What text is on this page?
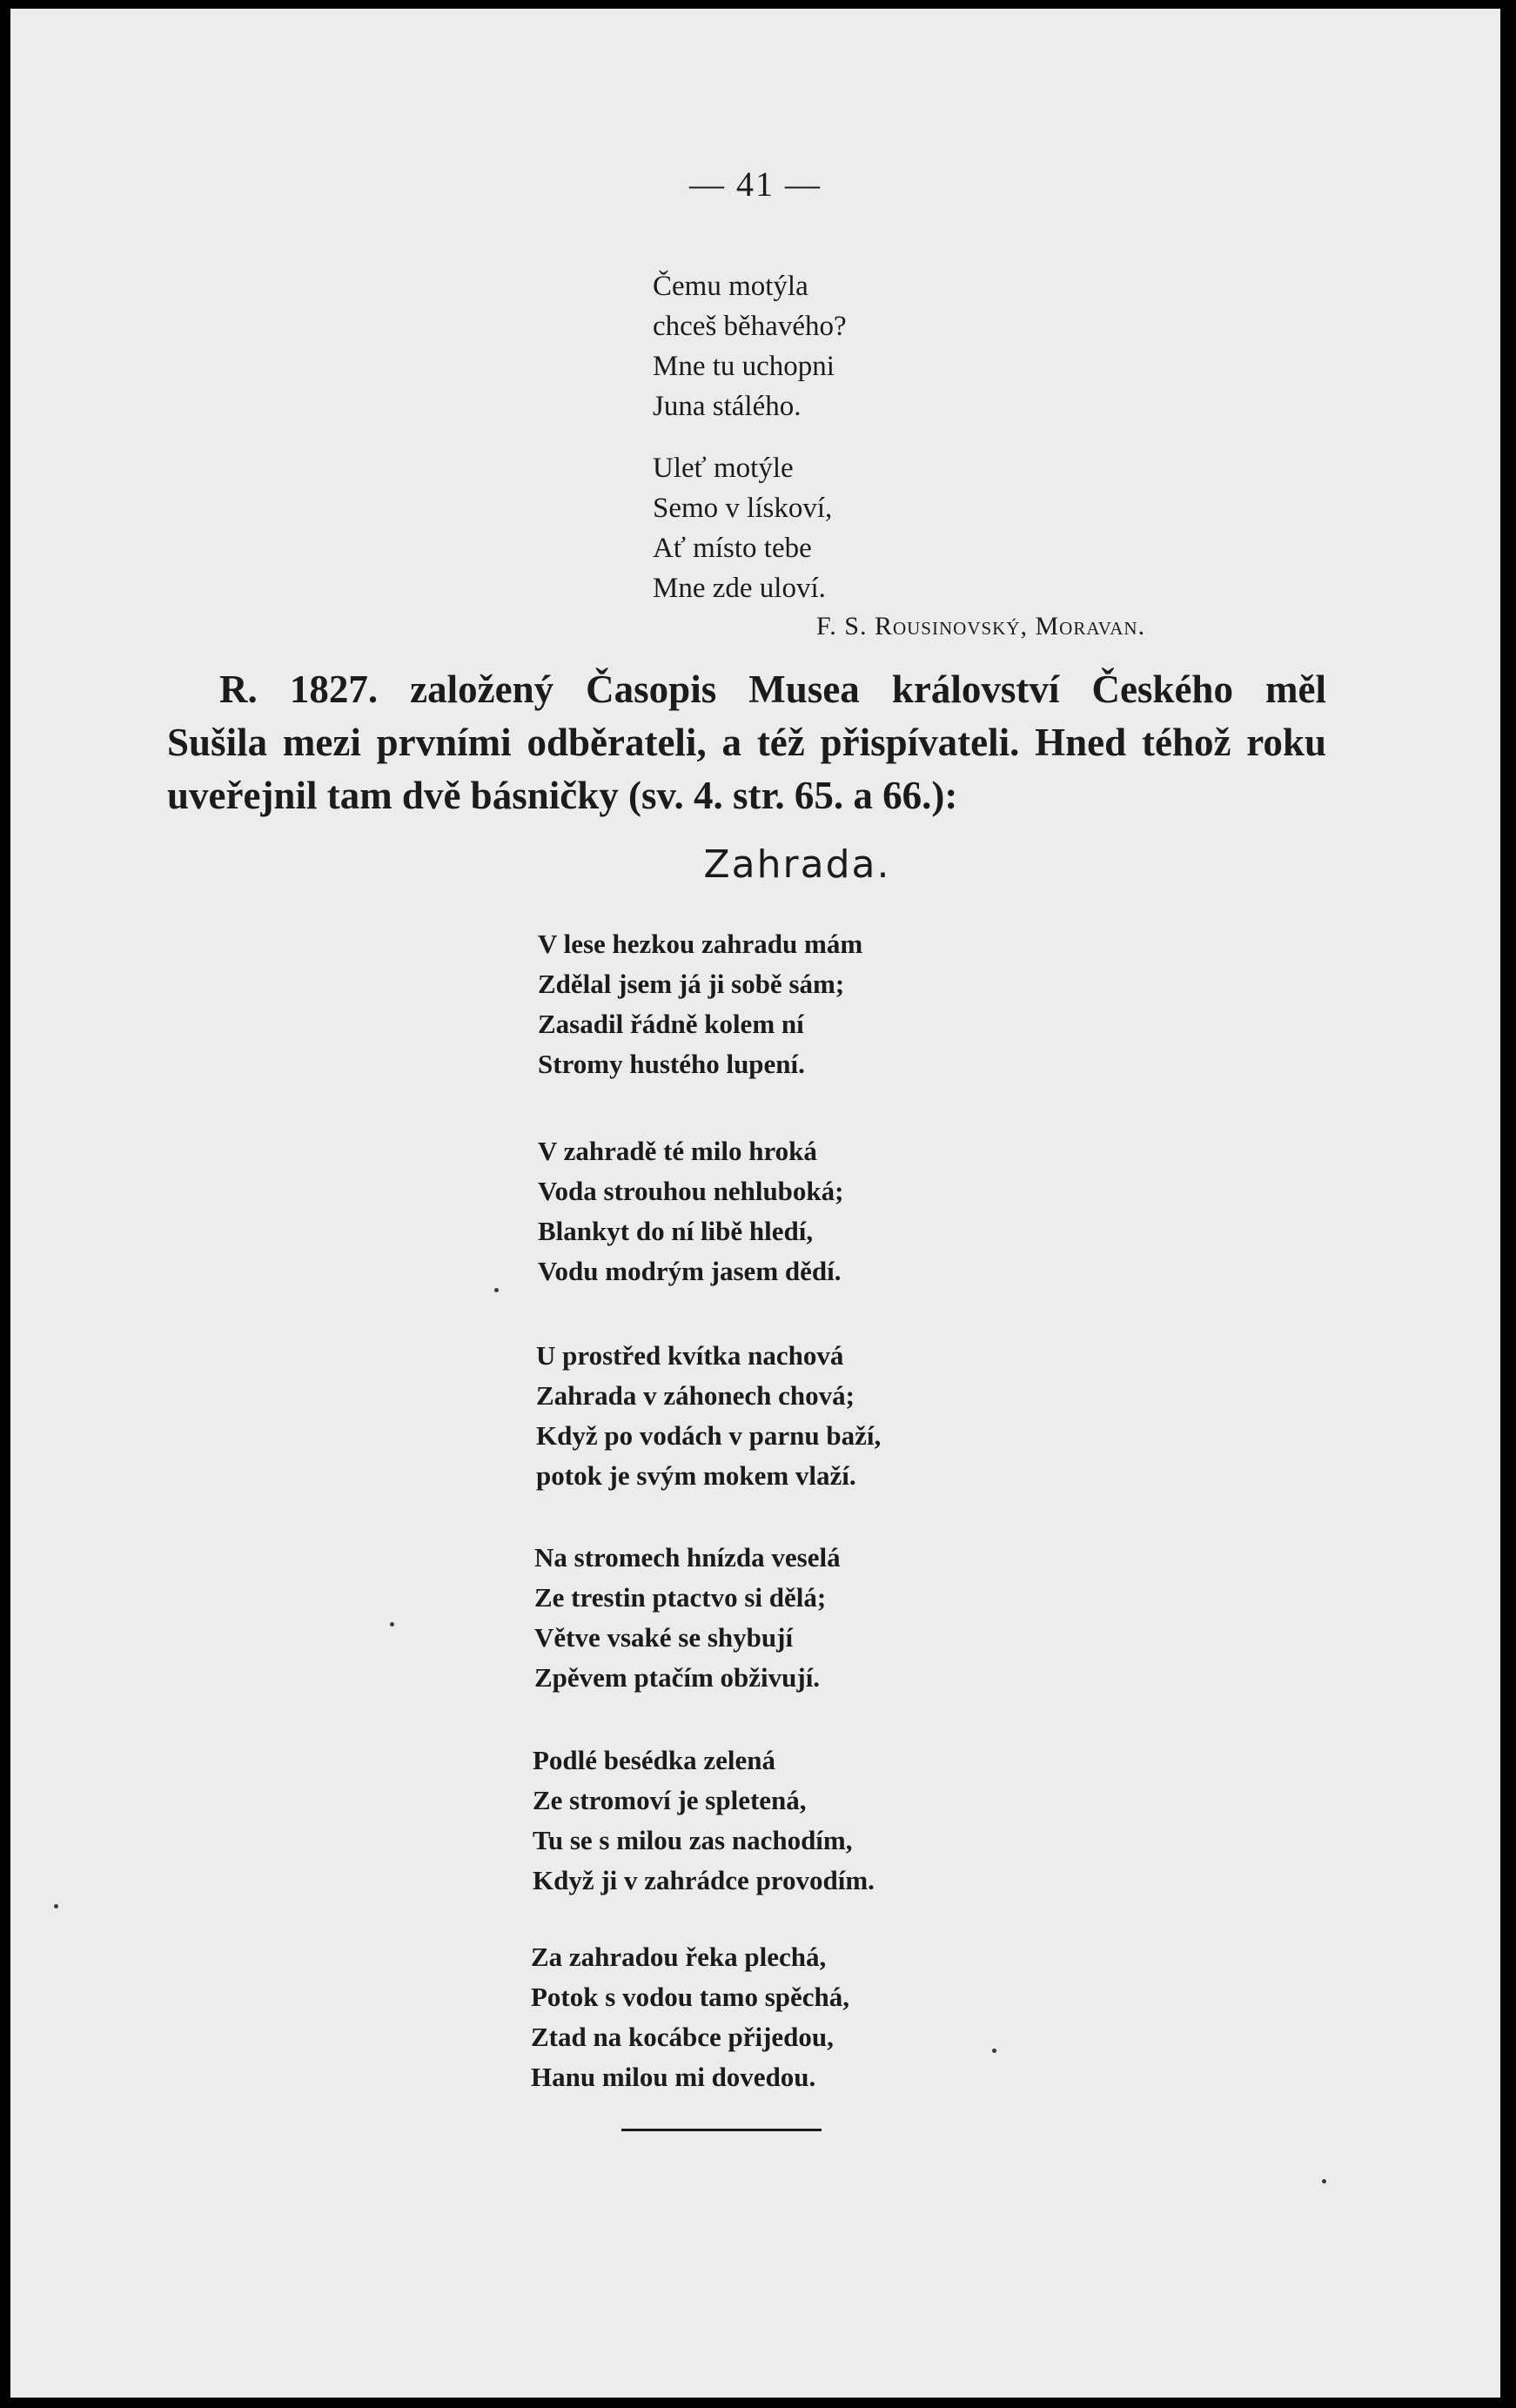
— 41 —
Čemu motýla
chceš běhavého?
Mne tu uchopni
Juna stálého.
Uleť motýle
Semo v lískoví,
Ať místo tebe
Mne zde uloví.
F. S. Rousinovský, Moravan.
R. 1827. založený Časopis Musea království Českého měl
Sušila mezi prvními odběrateli, a též přispívateli. Hned téhož roku
uveřejnil tam dvě básničky (sv. 4. str. 65. a 66.):
Zahrada.
V lese hezkou zahradu mám
Zdělal jsem já ji sobě sám;
Zasadil řádně kolem ní
Stromy hustého lupení.
V zahradě té milo hroká
Voda strouhou nehluboká;
Blankyt do ní libě hledí,
Vodu modrým jasem dědí.
U prostřed kvítka nachová
Zahrada v záhonech chová;
Když po vodách v parnu baží,
potok je svým mokem vlaží.
Na stromech hnízda veselá
Ze trestin ptactvo si dělá;
Větve vsaké se shybují
Zpěvem ptačím obživují.
Podlé besédka zelená
Ze stromoví je spletená,
Tu se s milou zas nachodím,
Když ji v zahrádce provodím.
Za zahradou řeka plechá,
Potok s vodou tamo spěchá,
Ztad na kocábce přijedou,
Hanu milou mi dovedou.
